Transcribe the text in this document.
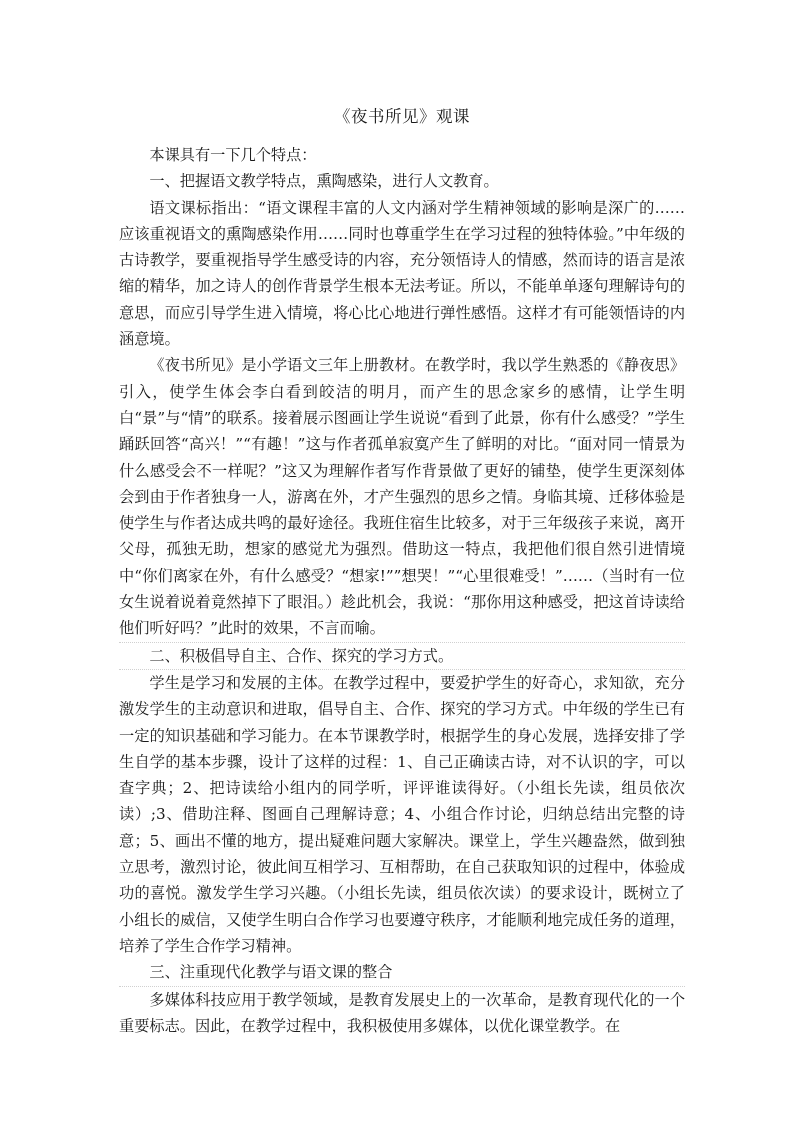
《夜书所见》观课

本课具有一下几个特点：

一、把握语文教学特点，熏陶感染，进行人文教育。

语文课标指出：“语文课程丰富的人文内涵对学生精神领域的影响是深广的……应该重视语文的熏陶感染作用……同时也尊重学生在学习过程的独特体验。”中年级的古诗教学，要重视指导学生感受诗的内容，充分领悟诗人的情感，然而诗的语言是浓缩的精华，加之诗人的创作背景学生根本无法考证。所以，不能单单逐句理解诗句的意思，而应引导学生进入情境，将心比心地进行弹性感悟。这样才有可能领悟诗的内涵意境。

《夜书所见》是小学语文三年上册教材。在教学时，我以学生熟悉的《静夜思》引入，使学生体会李白看到皎洁的明月，而产生的思念家乡的感情，让学生明白“景”与“情”的联系。接着展示图画让学生说说“看到了此景，你有什么感受？”学生踊跃回答“高兴！”“有趣！”这与作者孤单寂寞产生了鲜明的对比。“面对同一情景为什么感受会不一样呢？”这又为理解作者写作背景做了更好的铺垫，使学生更深刻体会到由于作者独身一人，游离在外，才产生强烈的思乡之情。身临其境、迁移体验是使学生与作者达成共鸣的最好途径。我班住宿生比较多，对于三年级孩子来说，离开父母，孤独无助，想家的感觉尤为强烈。借助这一特点，我把他们很自然引进情境中“你们离家在外，有什么感受？“想家!””想哭！”“心里很难受！”……（当时有一位女生说着说着竟然掉下了眼泪。）趁此机会，我说：“那你用这种感受，把这首诗读给他们听好吗？”此时的效果，不言而喻。

二、积极倡导自主、合作、探究的学习方式。

学生是学习和发展的主体。在教学过程中，要爱护学生的好奇心，求知欲，充分激发学生的主动意识和进取，倡导自主、合作、探究的学习方式。中年级的学生已有一定的知识基础和学习能力。在本节课教学时，根据学生的身心发展，选择安排了学生自学的基本步骤，设计了这样的过程：1、自己正确读古诗，对不认识的字，可以查字典；2、把诗读给小组内的同学听，评评谁读得好。（小组长先读，组员依次读）;3、借助注释、图画自己理解诗意；4、小组合作讨论，归纳总结出完整的诗意；5、画出不懂的地方，提出疑难问题大家解决。课堂上，学生兴趣盎然，做到独立思考，激烈讨论，彼此间互相学习、互相帮助，在自己获取知识的过程中，体验成功的喜悦。激发学生学习兴趣。（小组长先读，组员依次读）的要求设计，既树立了小组长的威信，又使学生明白合作学习也要遵守秩序，才能顺利地完成任务的道理，培养了学生合作学习精神。

三、注重现代化教学与语文课的整合

多媒体科技应用于教学领域，是教育发展史上的一次革命，是教育现代化的一个重要标志。因此，在教学过程中，我积极使用多媒体，以优化课堂教学。在
